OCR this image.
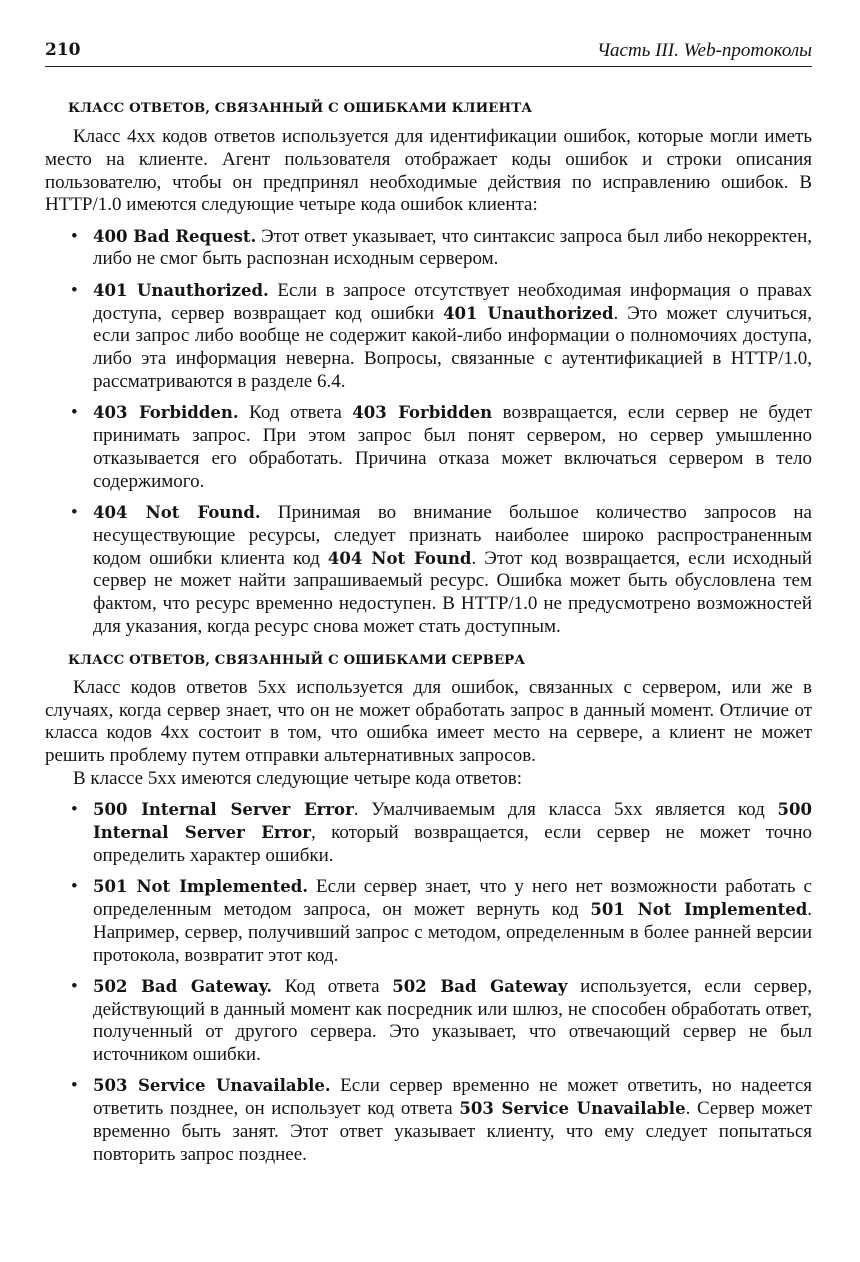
210	Часть III. Web-протоколы
КЛАСС ОТВЕТОВ, СВЯЗАННЫЙ С ОШИБКАМИ КЛИЕНТА

Класс 4xx кодов ответов используется для идентификации ошибок, которые могли иметь место на клиенте. Агент пользователя отображает коды ошибок и строки описания пользователю, чтобы он предпринял необходимые действия по исправлению ошибок. В HTTP/1.0 имеются следующие четыре кода ошибок клиента:

• 400 Bad Request. Этот ответ указывает, что синтаксис запроса был либо некорректен, либо не смог быть распознан исходным сервером.
• 401 Unauthorized. Если в запросе отсутствует необходимая информация о правах доступа, сервер возвращает код ошибки 401 Unauthorized. Это может случиться, если запрос либо вообще не содержит какой-либо информации о полномочиях доступа, либо эта информация неверна. Вопросы, связанные с аутентификацией в HTTP/1.0, рассматриваются в разделе 6.4.
• 403 Forbidden. Код ответа 403 Forbidden возвращается, если сервер не будет принимать запрос. При этом запрос был понят сервером, но сервер умышленно отказывается его обработать. Причина отказа может включаться сервером в тело содержимого.
• 404 Not Found. Принимая во внимание большое количество запросов на несуществующие ресурсы, следует признать наиболее широко распространенным кодом ошибки клиента код 404 Not Found. Этот код возвращается, если исходный сервер не может найти запрашиваемый ресурс. Ошибка может быть обусловлена тем фактом, что ресурс временно недоступен. В HTTP/1.0 не предусмотрено возможностей для указания, когда ресурс снова может стать доступным.
КЛАСС ОТВЕТОВ, СВЯЗАННЫЙ С ОШИБКАМИ СЕРВЕРА

Класс кодов ответов 5xx используется для ошибок, связанных с сервером, или же в случаях, когда сервер знает, что он не может обработать запрос в данный момент. Отличие от класса кодов 4xx состоит в том, что ошибка имеет место на сервере, а клиент не может решить проблему путем отправки альтернативных запросов.

В классе 5xx имеются следующие четыре кода ответов:

• 500 Internal Server Error. Умалчиваемым для класса 5xx является код 500 Internal Server Error, который возвращается, если сервер не может точно определить характер ошибки.
• 501 Not Implemented. Если сервер знает, что у него нет возможности работать с определенным методом запроса, он может вернуть код 501 Not Implemented. Например, сервер, получивший запрос с методом, определенным в более ранней версии протокола, возвратит этот код.
• 502 Bad Gateway. Код ответа 502 Bad Gateway используется, если сервер, действующий в данный момент как посредник или шлюз, не способен обработать ответ, полученный от другого сервера. Это указывает, что отвечающий сервер не был источником ошибки.
• 503 Service Unavailable. Если сервер временно не может ответить, но надеется ответить позднее, он использует код ответа 503 Service Unavailable. Сервер может временно быть занят. Этот ответ указывает клиенту, что ему следует попытаться повторить запрос позднее.
